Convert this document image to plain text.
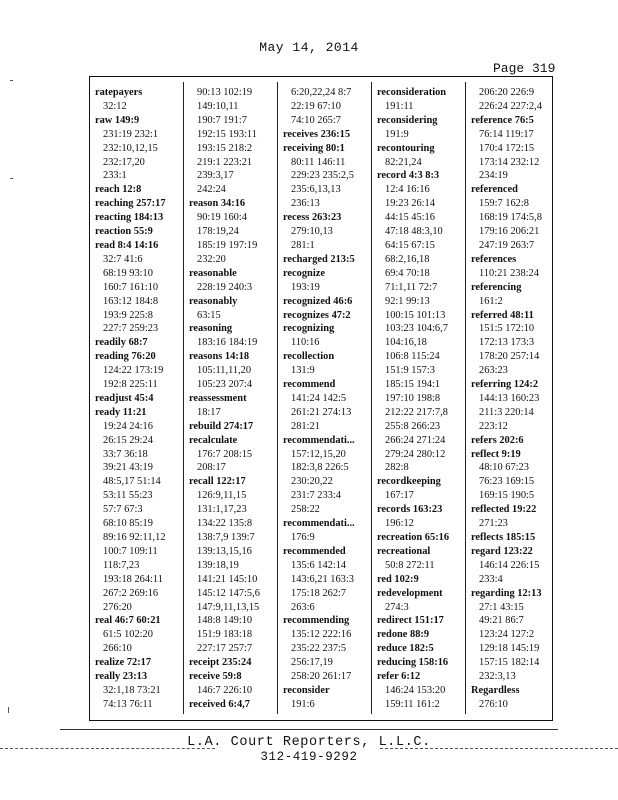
May 14, 2014
Page 319
ratepayers
32:12
raw 149:9
231:19 232:1
232:10,12,15
232:17,20
233:1
reach 12:8
reaching 257:17
reacting 184:13
reaction 55:9
read 8:4 14:16
32:7 41:6
68:19 93:10
160:7 161:10
163:12 184:8
193:9 225:8
227:7 259:23
readily 68:7
reading 76:20
124:22 173:19
192:8 225:11
readjust 45:4
ready 11:21
19:24 24:16
26:15 29:24
33:7 36:18
39:21 43:19
48:5,17 51:14
53:11 55:23
57:7 67:3
68:10 85:19
89:16 92:11,12
100:7 109:11
118:7,23
193:18 264:11
267:2 269:16
276:20
real 46:7 60:21
61:5 102:20
266:10
realize 72:17
really 23:13
32:1,18 73:21
74:13 76:11
90:13 102:19
149:10,11
190:7 191:7
192:15 193:11
193:15 218:2
219:1 223:21
239:3,17
242:24
reason 34:16
90:19 160:4
178:19,24
185:19 197:19
232:20
reasonable
228:19 240:3
reasonably
63:15
reasoning
183:16 184:19
reasons 14:18
105:11,11,20
105:23 207:4
reassessment
18:17
rebuild 274:17
recalculate
176:7 208:15
208:17
recall 122:17
126:9,11,15
131:1,17,23
134:22 135:8
138:7,9 139:7
139:13,15,16
139:18,19
141:21 145:10
145:12 147:5,6
147:9,11,13,15
148:8 149:10
151:9 183:18
227:17 257:7
receipt 235:24
receive 59:8
146:7 226:10
received 6:4,7
6:20,22,24 8:7
22:19 67:10
74:10 265:7
receives 236:15
receiving 80:1
80:11 146:11
229:23 235:2,5
235:6,13,13
236:13
recess 263:23
279:10,13
281:1
recharged 213:5
recognize
193:19
recognized 46:6
recognizes 47:2
recognizing
110:16
recollection
131:9
recommend
141:24 142:5
261:21 274:13
281:21
recommendati...
157:12,15,20
182:3,8 226:5
230:20,22
231:7 233:4
258:22
recommendati...
176:9
recommended
135:6 142:14
143:6,21 163:3
175:18 262:7
263:6
recommending
135:12 222:16
235:22 237:5
256:17,19
258:20 261:17
reconsider
191:6
reconsideration
191:11
reconsidering
191:9
recontouring
82:21,24
record 4:3 8:3
12:4 16:16
19:23 26:14
44:15 45:16
47:18 48:3,10
64:15 67:15
68:2,16,18
69:4 70:18
71:1,11 72:7
92:1 99:13
100:15 101:13
103:23 104:6,7
104:16,18
106:8 115:24
151:9 157:3
185:15 194:1
197:10 198:8
212:22 217:7,8
255:8 266:23
266:24 271:24
279:24 280:12
282:8
recordkeeping
167:17
records 163:23
196:12
recreation 65:16
recreational
50:8 272:11
red 102:9
redevelopment
274:3
redirect 151:17
redone 88:9
reduce 182:5
reducing 158:16
refer 6:12
146:24 153:20
159:11 161:2
206:20 226:9
226:24 227:2,4
reference 76:5
76:14 119:17
170:4 172:15
173:14 232:12
234:19
referenced
159:7 162:8
168:19 174:5,8
179:16 206:21
247:19 263:7
references
110:21 238:24
referencing
161:2
referred 48:11
151:5 172:10
172:13 173:3
178:20 257:14
263:23
referring 124:2
144:13 160:23
211:3 220:14
223:12
refers 202:6
reflect 9:19
48:10 67:23
76:23 169:15
169:15 190:5
reflected 19:22
271:23
reflects 185:15
regard 123:22
146:14 226:15
233:4
regarding 12:13
27:1 43:15
49:21 86:7
123:24 127:2
129:18 145:19
157:15 182:14
232:3,13
Regardless
276:10
L.A. Court Reporters, L.L.C.
312-419-9292
